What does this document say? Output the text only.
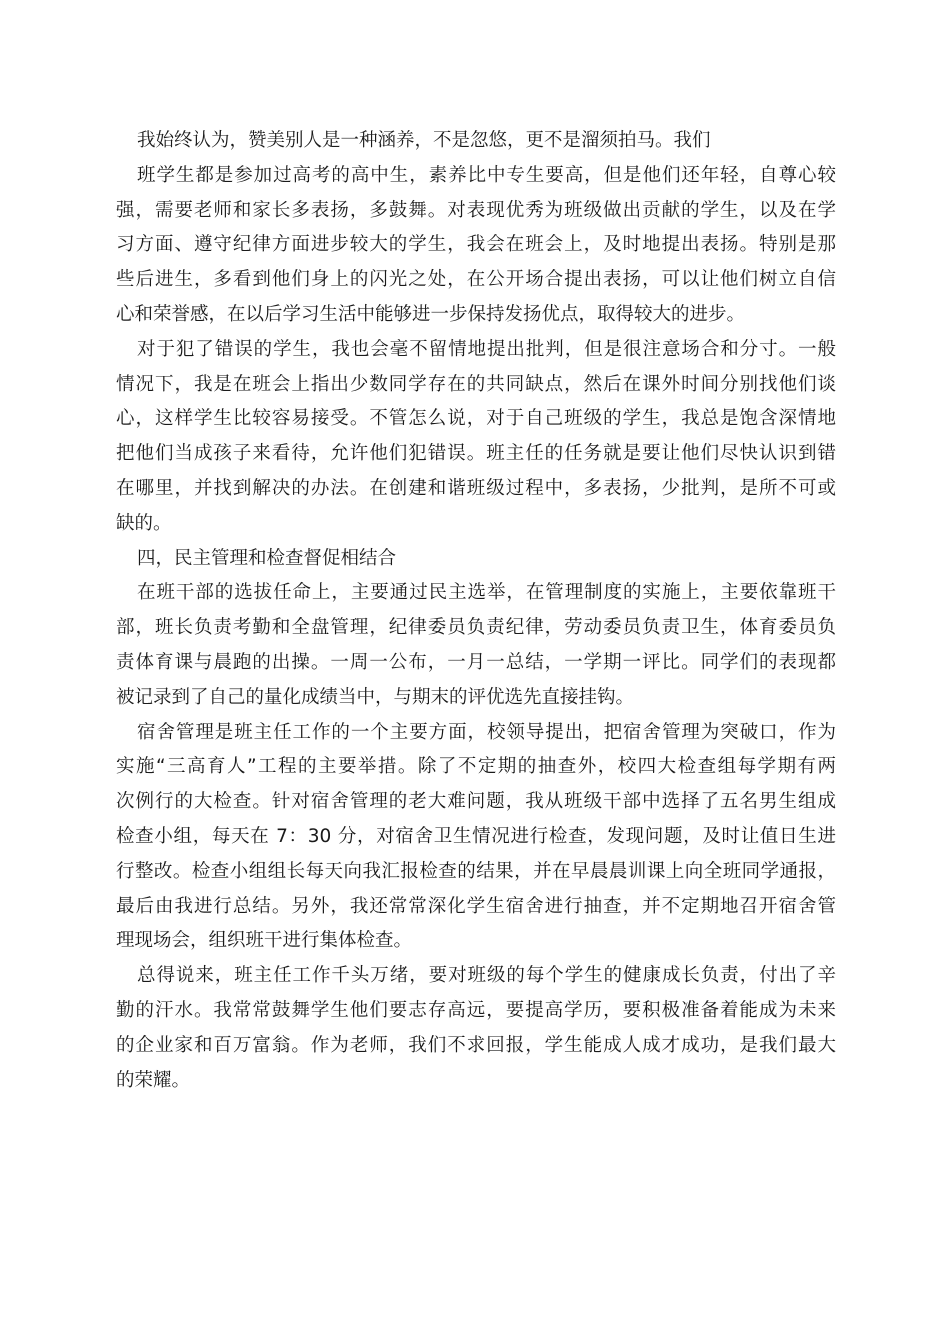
我始终认为，赞美别人是一种涵养，不是忽悠，更不是溜须拍马。我们
班学生都是参加过高考的高中生，素养比中专生要高，但是他们还年轻，自尊心较
强，需要老师和家长多表扬，多鼓舞。对表现优秀为班级做出贡献的学生，以及在学
习方面、遵守纪律方面进步较大的学生，我会在班会上，及时地提出表扬。特别是那
些后进生，多看到他们身上的闪光之处，在公开场合提出表扬，可以让他们树立自信
心和荣誉感，在以后学习生活中能够进一步保持发扬优点，取得较大的进步。
对于犯了错误的学生，我也会毫不留情地提出批判，但是很注意场合和分寸。一般
情况下，我是在班会上指出少数同学存在的共同缺点，然后在课外时间分别找他们谈
心，这样学生比较容易接受。不管怎么说，对于自己班级的学生，我总是饱含深情地
把他们当成孩子来看待，允许他们犯错误。班主任的任务就是要让他们尽快认识到错
在哪里，并找到解决的办法。在创建和谐班级过程中，多表扬，少批判，是所不可或
缺的。
四，民主管理和检查督促相结合
在班干部的选拔任命上，主要通过民主选举，在管理制度的实施上，主要依靠班干
部，班长负责考勤和全盘管理，纪律委员负责纪律，劳动委员负责卫生，体育委员负
责体育课与晨跑的出操。一周一公布，一月一总结，一学期一评比。同学们的表现都
被记录到了自己的量化成绩当中，与期末的评优选先直接挂钩。
宿舍管理是班主任工作的一个主要方面，校领导提出，把宿舍管理为突破口，作为
实施“三高育人”工程的主要举措。除了不定期的抽查外，校四大检查组每学期有两
次例行的大检查。针对宿舍管理的老大难问题，我从班级干部中选择了五名男生组成
检查小组，每天在 7：30 分，对宿舍卫生情况进行检查，发现问题，及时让值日生进
行整改。检查小组组长每天向我汇报检查的结果，并在早晨晨训课上向全班同学通报，
最后由我进行总结。另外，我还常常深化学生宿舍进行抽查，并不定期地召开宿舍管
理现场会，组织班干进行集体检查。
总得说来，班主任工作千头万绪，要对班级的每个学生的健康成长负责，付出了辛
勤的汗水。我常常鼓舞学生他们要志存高远，要提高学历，要积极准备着能成为未来
的企业家和百万富翁。作为老师，我们不求回报，学生能成人成才成功，是我们最大
的荣耀。
